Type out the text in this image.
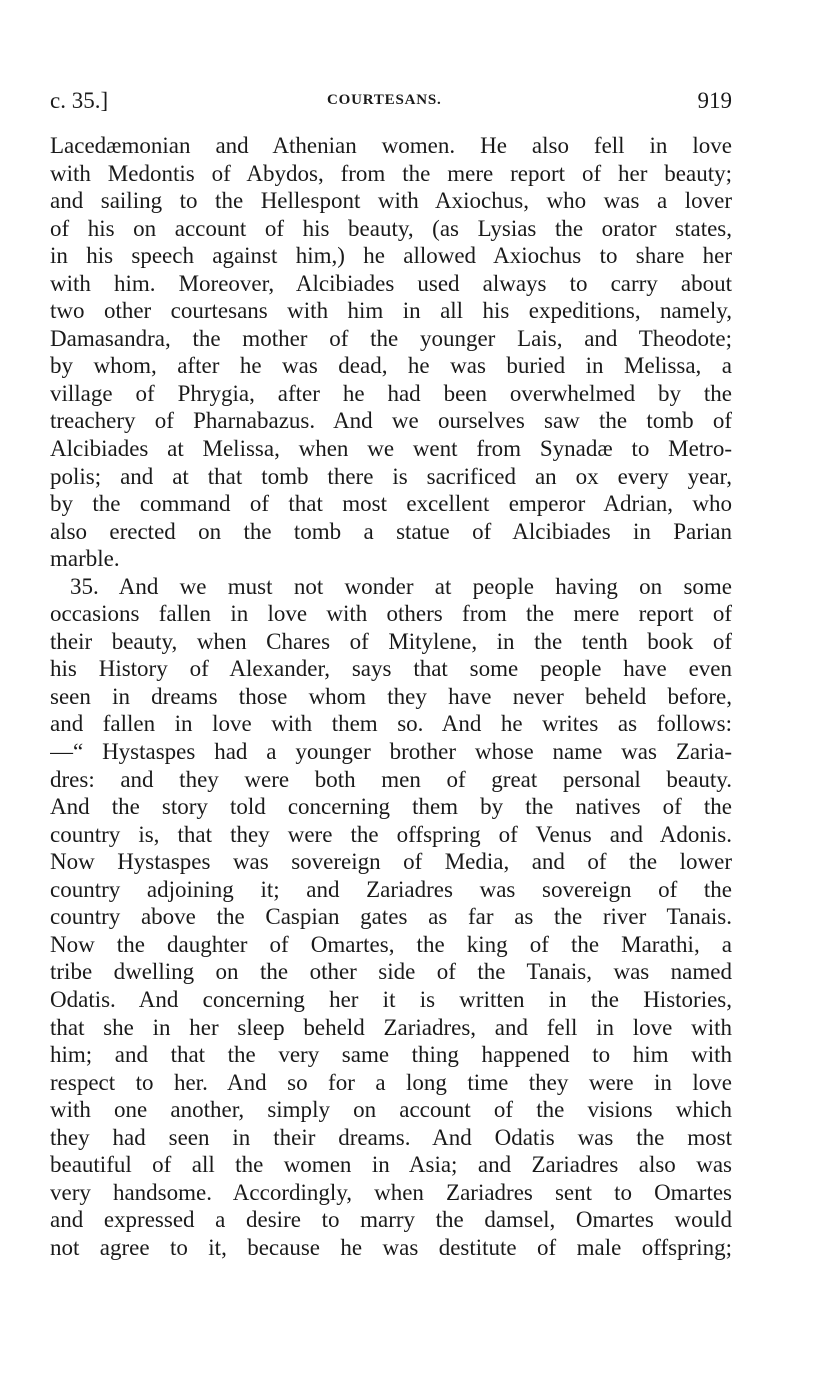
c. 35.]	COURTESANS.	919
Lacedæmonian and Athenian women. He also fell in love
with Medontis of Abydos, from the mere report of her beauty;
and sailing to the Hellespont with Axiochus, who was a lover
of his on account of his beauty, (as Lysias the orator states,
in his speech against him,) he allowed Axiochus to share her
with him. Moreover, Alcibiades used always to carry about
two other courtesans with him in all his expeditions, namely,
Damasandra, the mother of the younger Lais, and Theodote;
by whom, after he was dead, he was buried in Melissa, a
village of Phrygia, after he had been overwhelmed by the
treachery of Pharnabazus. And we ourselves saw the tomb of
Alcibiades at Melissa, when we went from Synadæ to Metro-
polis; and at that tomb there is sacrificed an ox every year,
by the command of that most excellent emperor Adrian, who
also erected on the tomb a statue of Alcibiades in Parian
marble.
35. And we must not wonder at people having on some
occasions fallen in love with others from the mere report of
their beauty, when Chares of Mitylene, in the tenth book of
his History of Alexander, says that some people have even
seen in dreams those whom they have never beheld before,
and fallen in love with them so. And he writes as follows:
—“ Hystaspes had a younger brother whose name was Zaria-
dres: and they were both men of great personal beauty.
And the story told concerning them by the natives of the
country is, that they were the offspring of Venus and Adonis.
Now Hystaspes was sovereign of Media, and of the lower
country adjoining it; and Zariadres was sovereign of the
country above the Caspian gates as far as the river Tanais.
Now the daughter of Omartes, the king of the Marathi, a
tribe dwelling on the other side of the Tanais, was named
Odatis. And concerning her it is written in the Histories,
that she in her sleep beheld Zariadres, and fell in love with
him; and that the very same thing happened to him with
respect to her. And so for a long time they were in love
with one another, simply on account of the visions which
they had seen in their dreams. And Odatis was the most
beautiful of all the women in Asia; and Zariadres also was
very handsome. Accordingly, when Zariadres sent to Omartes
and expressed a desire to marry the damsel, Omartes would
not agree to it, because he was destitute of male offspring;
